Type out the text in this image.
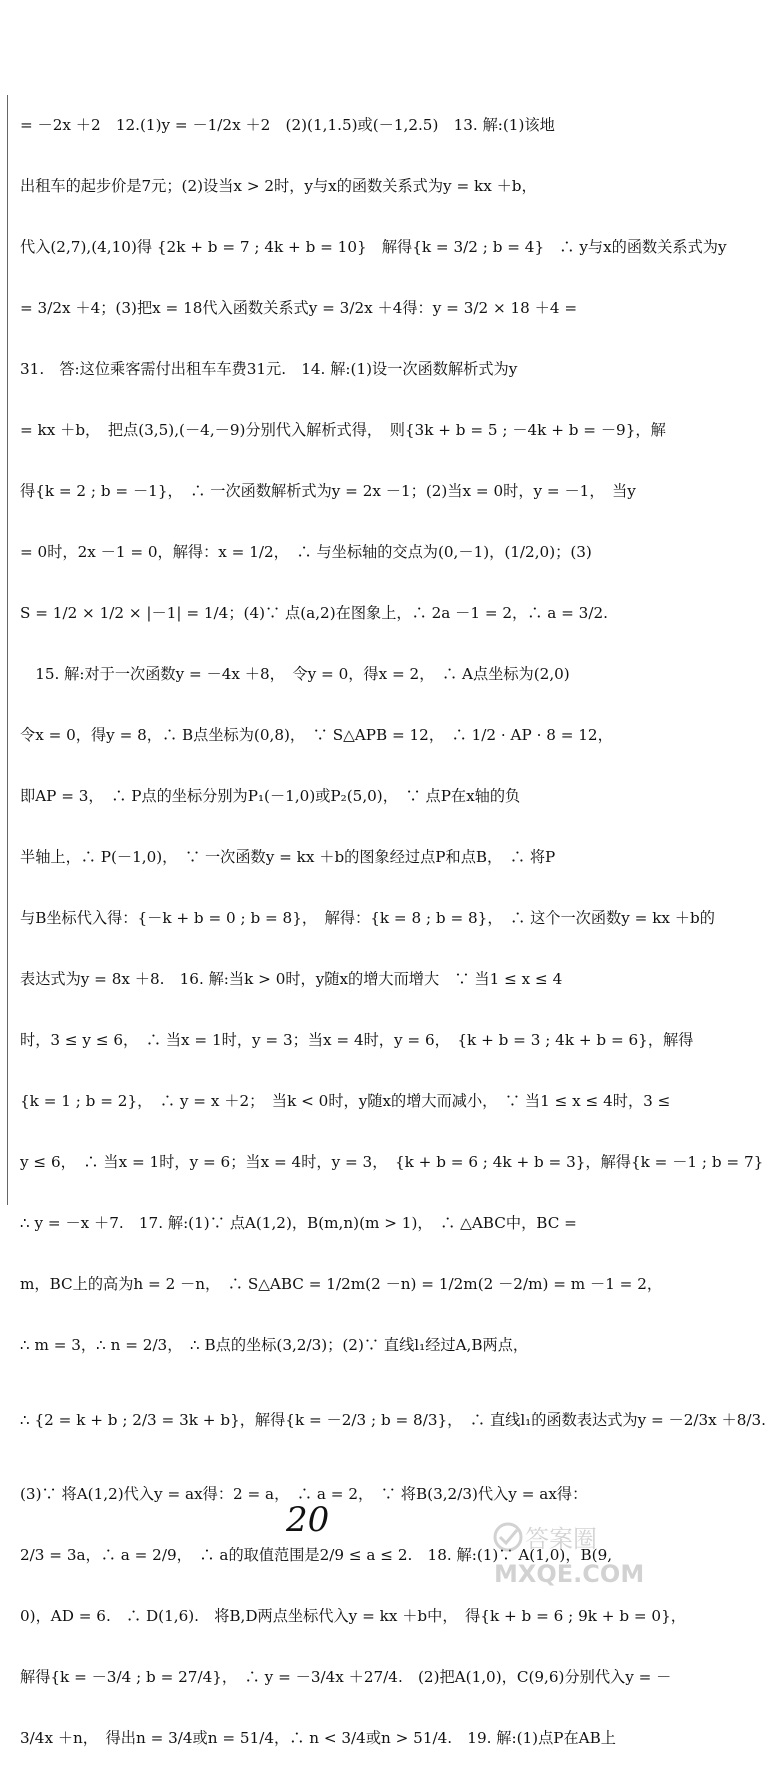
= －2x ＋2　12.(1)y = －1/2x ＋2　(2)(1,1.5)或(－1,2.5)　13. 解:(1)该地
出租车的起步价是7元；(2)设当x > 2时，y与x的函数关系式为y = kx ＋b，
代入(2,7),(4,10)得 {2k + b = 7 ; 4k + b = 10}　解得{k = 3/2 ; b = 4}　∴ y与x的函数关系式为y
= 3/2x ＋4；(3)把x = 18代入函数关系式y = 3/2x ＋4得：y = 3/2 × 18 ＋4 =
31.　答:这位乘客需付出租车车费31元.　14. 解:(1)设一次函数解析式为y
= kx ＋b，　把点(3,5),(－4,－9)分别代入解析式得，　则{3k + b = 5 ; －4k + b = －9}，解
得{k = 2 ; b = －1}，　∴ 一次函数解析式为y = 2x －1；(2)当x = 0时，y = －1，　当y
= 0时，2x －1 = 0，解得：x = 1/2，　∴ 与坐标轴的交点为(0,－1)，(1/2,0)；(3)
S = 1/2 × 1/2 × |－1| = 1/4；(4)∵ 点(a,2)在图象上，∴ 2a －1 = 2，∴ a = 3/2.
　15. 解:对于一次函数y = －4x ＋8，　令y = 0，得x = 2，　∴ A点坐标为(2,0)
令x = 0，得y = 8，∴ B点坐标为(0,8)，　∵ S△APB = 12，　∴ 1/2 · AP · 8 = 12，
即AP = 3，　∴ P点的坐标分别为P₁(－1,0)或P₂(5,0)，　∵ 点P在x轴的负
半轴上，∴ P(－1,0)，　∵ 一次函数y = kx ＋b的图象经过点P和点B，　∴ 将P
与B坐标代入得：{－k + b = 0 ; b = 8}，　解得：{k = 8 ; b = 8}，　∴ 这个一次函数y = kx ＋b的
表达式为y = 8x ＋8.　16. 解:当k > 0时，y随x的增大而增大　∵ 当1 ≤ x ≤ 4
时，3 ≤ y ≤ 6，　∴ 当x = 1时，y = 3；当x = 4时，y = 6，　{k + b = 3 ; 4k + b = 6}，解得
{k = 1 ; b = 2}，　∴ y = x ＋2；　当k < 0时，y随x的增大而减小，　∵ 当1 ≤ x ≤ 4时，3 ≤
y ≤ 6，　∴ 当x = 1时，y = 6；当x = 4时，y = 3，　{k + b = 6 ; 4k + b = 3}，解得{k = －1 ; b = 7}
∴ y = －x ＋7.　17. 解:(1)∵ 点A(1,2)，B(m,n)(m > 1)，　∴ △ABC中，BC =
m，BC上的高为h = 2 －n，　∴ S△ABC = 1/2m(2 －n) = 1/2m(2 －2/m) = m －1 = 2，
∴ m = 3，∴ n = 2/3，　∴ B点的坐标(3,2/3)；(2)∵ 直线l₁经过A,B两点，
∴ {2 = k + b ; 2/3 = 3k + b}，解得{k = －2/3 ; b = 8/3}，　∴ 直线l₁的函数表达式为y = －2/3x ＋8/3.
(3)∵ 将A(1,2)代入y = ax得：2 = a，　∴ a = 2，　∵ 将B(3,2/3)代入y = ax得：
2/3 = 3a，∴ a = 2/9，　∴ a的取值范围是2/9 ≤ a ≤ 2.　18. 解:(1)∵ A(1,0)，B(9,
0)，AD = 6.　∴ D(1,6).　将B,D两点坐标代入y = kx ＋b中，　得{k + b = 6 ; 9k + b = 0}，
解得{k = －3/4 ; b = 27/4}，　∴ y = －3/4x ＋27/4.　(2)把A(1,0)，C(9,6)分别代入y = －
3/4x ＋n，　得出n = 3/4或n = 51/4，∴ n < 3/4或n > 51/4.　19. 解:(1)点P在AB上
20	答案圈
MXQE.COM
